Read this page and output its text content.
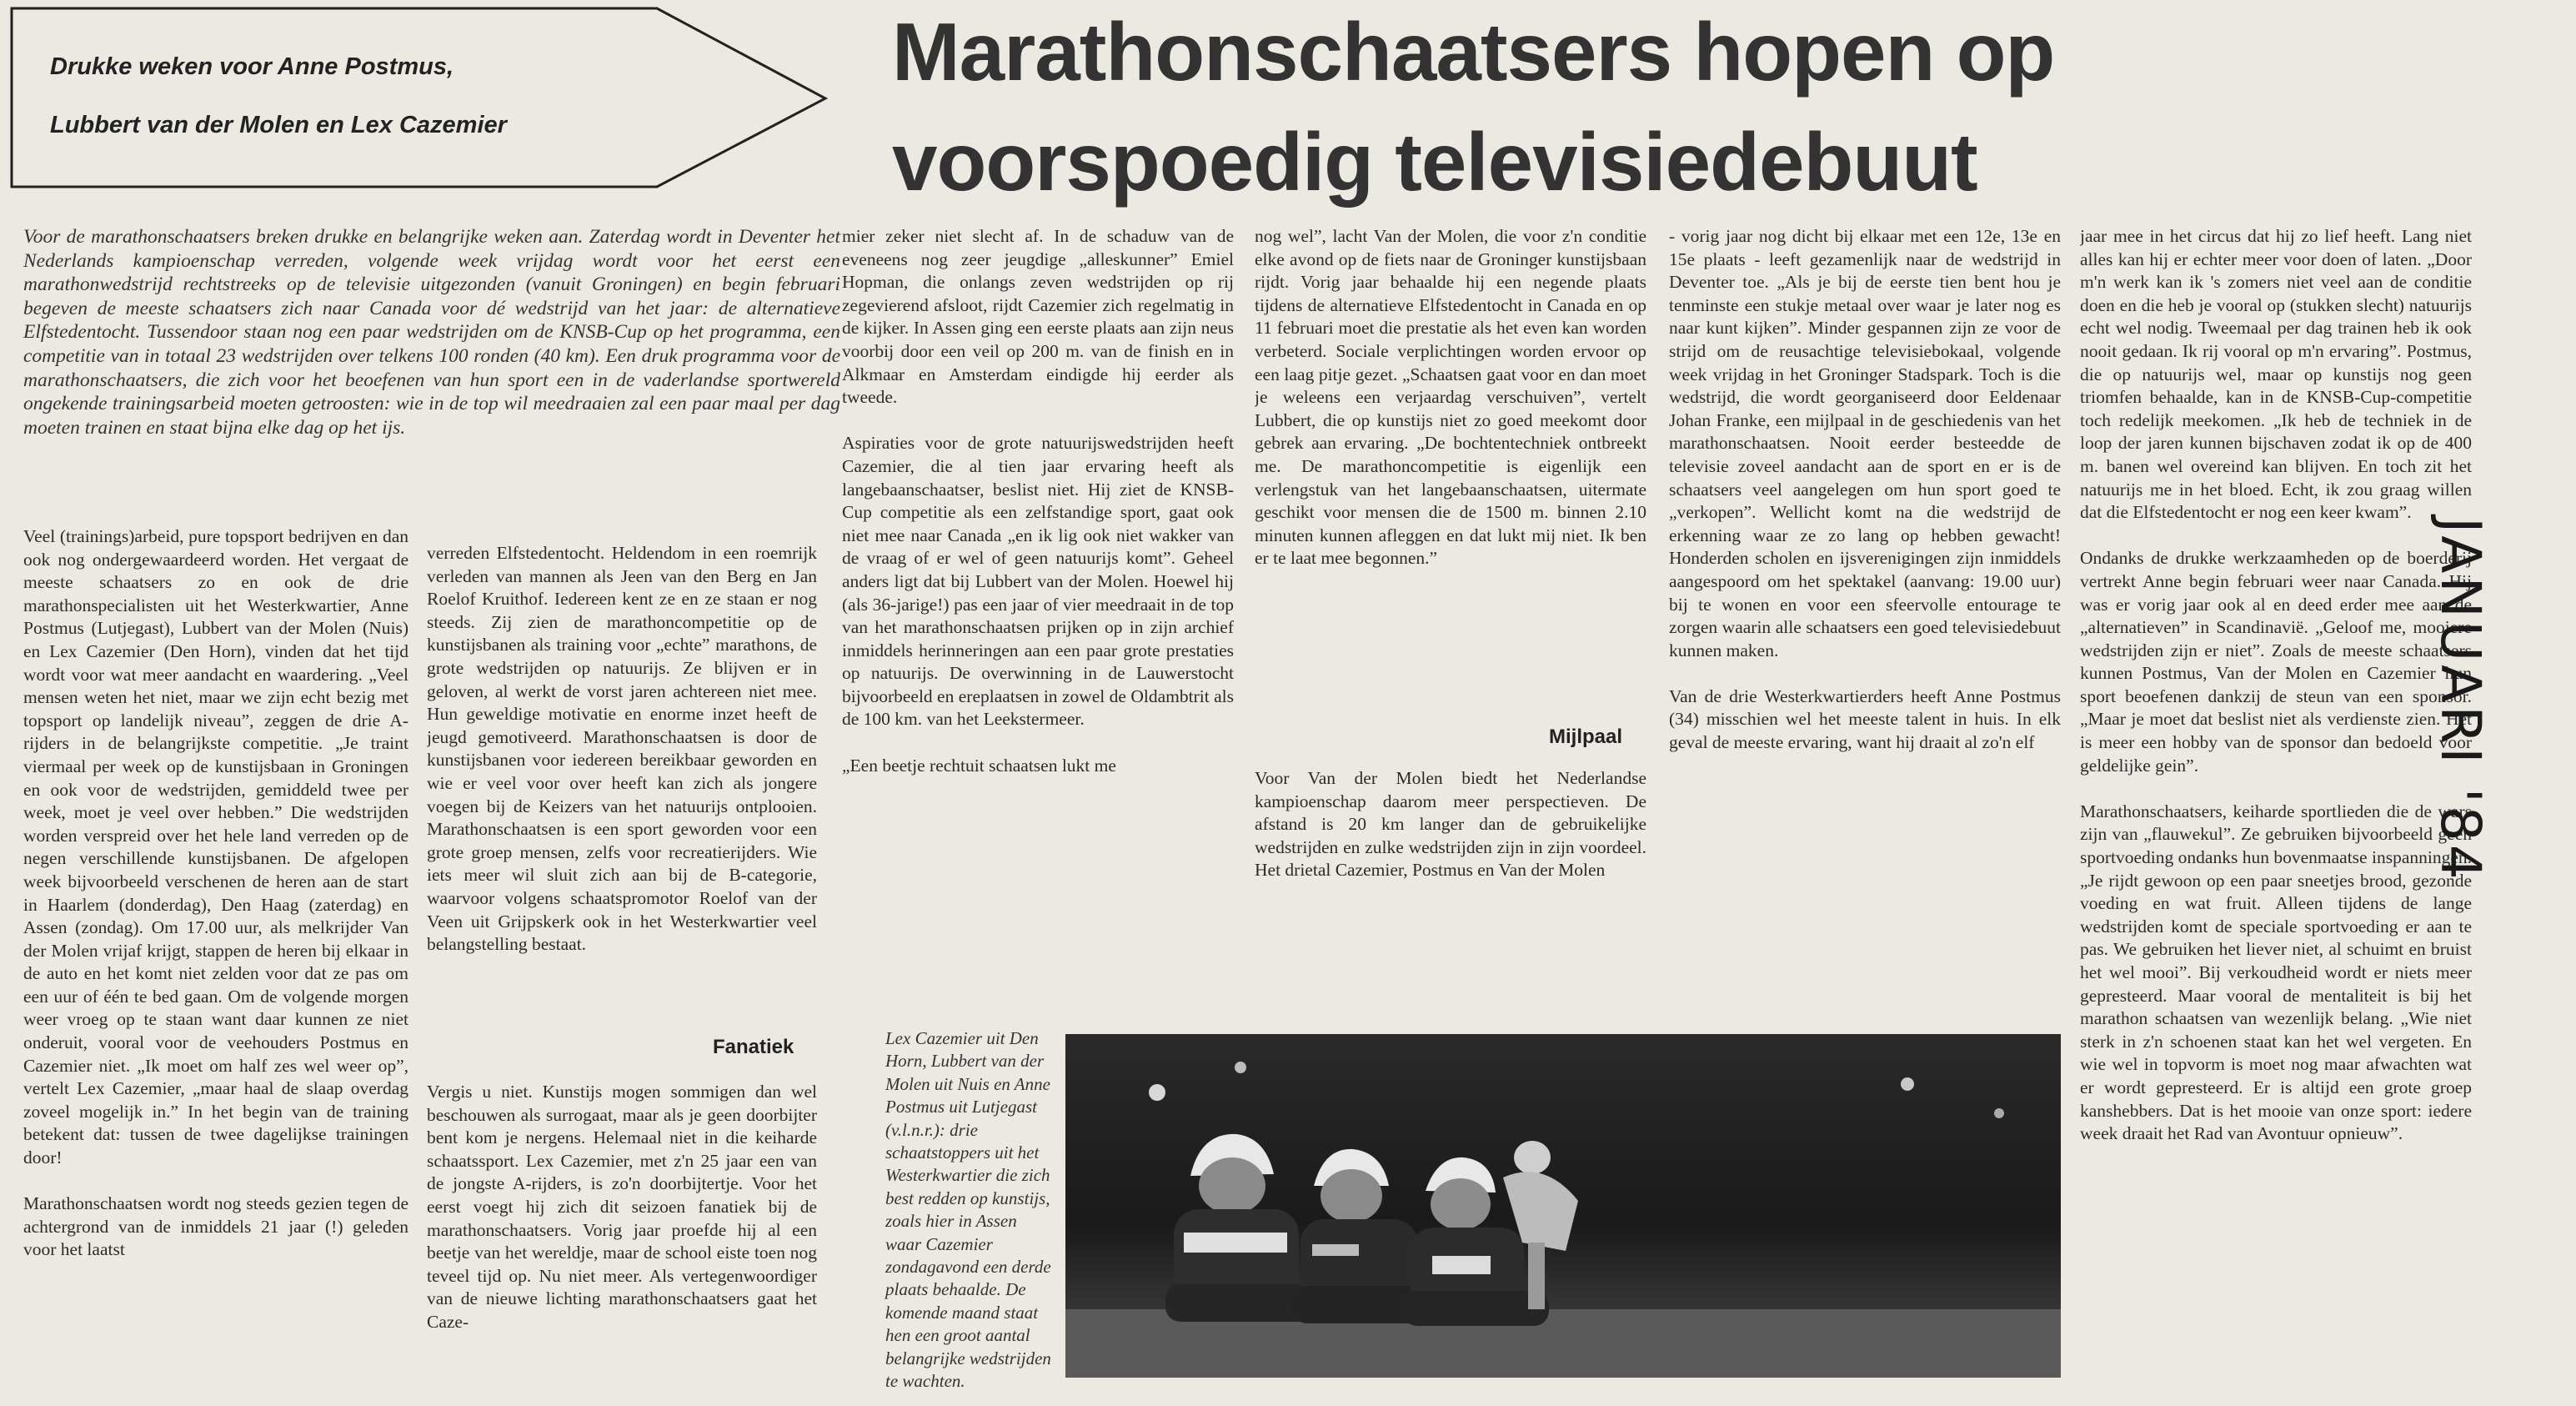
Drukke weken voor Anne Postmus,
Lubbert van der Molen en Lex Cazemier
Marathonschaatsers hopen op
voorspoedig televisiedebuut
Voor de marathonschaatsers breken drukke en belangrijke weken aan. Zaterdag wordt in Deventer het Nederlands kampioenschap verreden, volgende week vrijdag wordt voor het eerst een marathonwedstrijd rechtstreeks op de televisie uitgezonden (vanuit Groningen) en begin februari begeven de meeste schaatsers zich naar Canada voor dé wedstrijd van het jaar: de alternatieve Elfstedentocht. Tussendoor staan nog een paar wedstrijden om de KNSB-Cup op het programma, een competitie van in totaal 23 wedstrijden over telkens 100 ronden (40 km). Een druk programma voor de marathonschaatsers, die zich voor het beoefenen van hun sport een in de vaderlandse sportwereld ongekende trainingsarbeid moeten getroosten: wie in de top wil meedraaien zal een paar maal per dag moeten trainen en staat bijna elke dag op het ijs.
Veel (trainings)arbeid, pure topsport bedrijven en dan ook nog ondergewaardeerd worden. Het vergaat de meeste schaatsers zo en ook de drie marathonspecialisten uit het Westerkwartier, Anne Postmus (Lutjegast), Lubbert van der Molen (Nuis) en Lex Cazemier (Den Horn), vinden dat het tijd wordt voor wat meer aandacht en waardering. „Veel mensen weten het niet, maar we zijn echt bezig met topsport op landelijk niveau”, zeggen de drie A-rijders in de belangrijkste competitie. „Je traint viermaal per week op de kunstijsbaan in Groningen en ook voor de wedstrijden, gemiddeld twee per week, moet je veel over hebben.” Die wedstrijden worden verspreid over het hele land verreden op de negen verschillende kunstijsbanen. De afgelopen week bijvoorbeeld verschenen de heren aan de start in Haarlem (donderdag), Den Haag (zaterdag) en Assen (zondag). Om 17.00 uur, als melkrijder Van der Molen vrijaf krijgt, stappen de heren bij elkaar in de auto en het komt niet zelden voor dat ze pas om een uur of één te bed gaan. Om de volgende morgen weer vroeg op te staan want daar kunnen ze niet onderuit, vooral voor de veehouders Postmus en Cazemier niet. „Ik moet om half zes wel weer op”, vertelt Lex Cazemier, „maar haal de slaap overdag zoveel mogelijk in.” In het begin van de training betekent dat: tussen de twee dagelijkse trainingen door!

Marathonschaatsen wordt nog steeds gezien tegen de achtergrond van de inmiddels 21 jaar (!) geleden voor het laatst
verreden Elfstedentocht. Heldendom in een roemrijk verleden van mannen als Jeen van den Berg en Jan Roelof Kruithof. Iedereen kent ze en ze staan er nog steeds. Zij zien de marathoncompetitie op de kunstijsbanen als training voor „echte” marathons, de grote wedstrijden op natuurijs. Ze blijven er in geloven, al werkt de vorst jaren achtereen niet mee. Hun geweldige motivatie en enorme inzet heeft de jeugd gemotiveerd. Marathonschaatsen is door de kunstijsbanen voor iedereen bereikbaar geworden en wie er veel voor over heeft kan zich als jongere voegen bij de Keizers van het natuurijs ontplooien. Marathonschaatsen is een sport geworden voor een grote groep mensen, zelfs voor recreatierijders. Wie iets meer wil sluit zich aan bij de B-categorie, waarvoor volgens schaatspromotor Roelof van der Veen uit Grijpskerk ook in het Westerkwartier veel belangstelling bestaat.
Fanatiek
Vergis u niet. Kunstijs mogen sommigen dan wel beschouwen als surrogaat, maar als je geen doorbijter bent kom je nergens. Helemaal niet in die keiharde schaatssport. Lex Cazemier, met z'n 25 jaar een van de jongste A-rijders, is zo'n doorbijtertje. Voor het eerst voegt hij zich dit seizoen fanatiek bij de marathonschaatsers. Vorig jaar proefde hij al een beetje van het wereldje, maar de school eiste toen nog teveel tijd op. Nu niet meer. Als vertegenwoordiger van de nieuwe lichting marathonschaatsers gaat het Caze-
mier zeker niet slecht af. In de schaduw van de eveneens nog zeer jeugdige „alleskunner” Emiel Hopman, die onlangs zeven wedstrijden op rij zegevierend afsloot, rijdt Cazemier zich regelmatig in de kijker. In Assen ging een eerste plaats aan zijn neus voorbij door een veil op 200 m. van de finish en in Alkmaar en Amsterdam eindigde hij eerder als tweede.

Aspiraties voor de grote natuurijswedstrijden heeft Cazemier, die al tien jaar ervaring heeft als langebaanschaatser, beslist niet. Hij ziet de KNSB-Cup competitie als een zelfstandige sport, gaat ook niet mee naar Canada „en ik lig ook niet wakker van de vraag of er wel of geen natuurijs komt”. Geheel anders ligt dat bij Lubbert van der Molen. Hoewel hij (als 36-jarige!) pas een jaar of vier meedraait in de top van het marathonschaatsen prijken op in zijn archief inmiddels herinneringen aan een paar grote prestaties op natuurijs. De overwinning in de Lauwerstocht bijvoorbeeld en ereplaatsen in zowel de Oldambtrit als de 100 km. van het Leekstermeer.

„Een beetje rechtuit schaatsen lukt me
nog wel”, lacht Van der Molen, die voor z'n conditie elke avond op de fiets naar de Groninger kunstijsbaan rijdt. Vorig jaar behaalde hij een negende plaats tijdens de alternatieve Elfstedentocht in Canada en op 11 februari moet die prestatie als het even kan worden verbeterd. Sociale verplichtingen worden ervoor op een laag pitje gezet. „Schaatsen gaat voor en dan moet je weleens een verjaardag verschuiven”, vertelt Lubbert, die op kunstijs niet zo goed meekomt door gebrek aan ervaring. „De bochtentechniek ontbreekt me. De marathoncompetitie is eigenlijk een verlengstuk van het langebaanschaatsen, uitermate geschikt voor mensen die de 1500 m. binnen 2.10 minuten kunnen afleggen en dat lukt mij niet. Ik ben er te laat mee begonnen.”
Mijlpaal
Voor Van der Molen biedt het Nederlandse kampioenschap daarom meer perspectieven. De afstand is 20 km langer dan de gebruikelijke wedstrijden en zulke wedstrijden zijn in zijn voordeel. Het drietal Cazemier, Postmus en Van der Molen
- vorig jaar nog dicht bij elkaar met een 12e, 13e en 15e plaats - leeft gezamenlijk naar de wedstrijd in Deventer toe. „Als je bij de eerste tien bent hou je tenminste een stukje metaal over waar je later nog es naar kunt kijken”. Minder gespannen zijn ze voor de strijd om de reusachtige televisiebokaal, volgende week vrijdag in het Groninger Stadspark. Toch is die wedstrijd, die wordt georganiseerd door Eeldenaar Johan Franke, een mijlpaal in de geschiedenis van het marathonschaatsen. Nooit eerder besteedde de televisie zoveel aandacht aan de sport en er is de schaatsers veel aangelegen om hun sport goed te „verkopen”. Wellicht komt na die wedstrijd de erkenning waar ze zo lang op hebben gewacht! Honderden scholen en ijsverenigingen zijn inmiddels aangespoord om het spektakel (aanvang: 19.00 uur) bij te wonen en voor een sfeervolle entourage te zorgen waarin alle schaatsers een goed televisiedebuut kunnen maken.

Van de drie Westerkwartierders heeft Anne Postmus (34) misschien wel het meeste talent in huis. In elk geval de meeste ervaring, want hij draait al zo'n elf
jaar mee in het circus dat hij zo lief heeft. Lang niet alles kan hij er echter meer voor doen of laten. „Door m'n werk kan ik 's zomers niet veel aan de conditie doen en die heb je vooral op (stukken slecht) natuurijs echt wel nodig. Tweemaal per dag trainen heb ik ook nooit gedaan. Ik rij vooral op m'n ervaring”. Postmus, die op natuurijs wel, maar op kunstijs nog geen triomfen behaalde, kan in de KNSB-Cup-competitie toch redelijk meekomen. „Ik heb de techniek in de loop der jaren kunnen bijschaven zodat ik op de 400 m. banen wel overeind kan blijven. En toch zit het natuurijs me in het bloed. Echt, ik zou graag willen dat die Elfstedentocht er nog een keer kwam”.

Ondanks de drukke werkzaamheden op de boerderij vertrekt Anne begin februari weer naar Canada. Hij was er vorig jaar ook al en deed erder mee aan de „alternatieven” in Scandinavië. „Geloof me, mooiere wedstrijden zijn er niet”. Zoals de meeste schaatsers kunnen Postmus, Van der Molen en Cazemier hun sport beoefenen dankzij de steun van een sponsor. „Maar je moet dat beslist niet als verdienste zien. Het is meer een hobby van de sponsor dan bedoeld voor geldelijke gein”.

Marathonschaatsers, keiharde sportlieden die de wars zijn van „flauwekul”. Ze gebruiken bijvoorbeeld geen sportvoeding ondanks hun bovenmaatse inspanningen. „Je rijdt gewoon op een paar sneetjes brood, gezonde voeding en wat fruit. Alleen tijdens de lange wedstrijden komt de speciale sportvoeding er aan te pas. We gebruiken het liever niet, al schuimt en bruist het wel mooi”. Bij verkoudheid wordt er niets meer gepresteerd. Maar vooral de mentaliteit is bij het marathon schaatsen van wezenlijk belang. „Wie niet sterk in z'n schoenen staat kan het wel vergeten. En wie wel in topvorm is moet nog maar afwachten wat er wordt gepresteerd. Er is altijd een grote groep kanshebbers. Dat is het mooie van onze sport: iedere week draait het Rad van Avontuur opnieuw”.
Lex Cazemier uit Den Horn, Lubbert van der Molen uit Nuis en Anne Postmus uit Lutjegast (v.l.n.r.): drie schaatstoppers uit het Westerkwartier die zich best redden op kunstijs, zoals hier in Assen waar Cazemier zondagavond een derde plaats behaalde. De komende maand staat hen een groot aantal belangrijke wedstrijden te wachten.
JANUARI '84
